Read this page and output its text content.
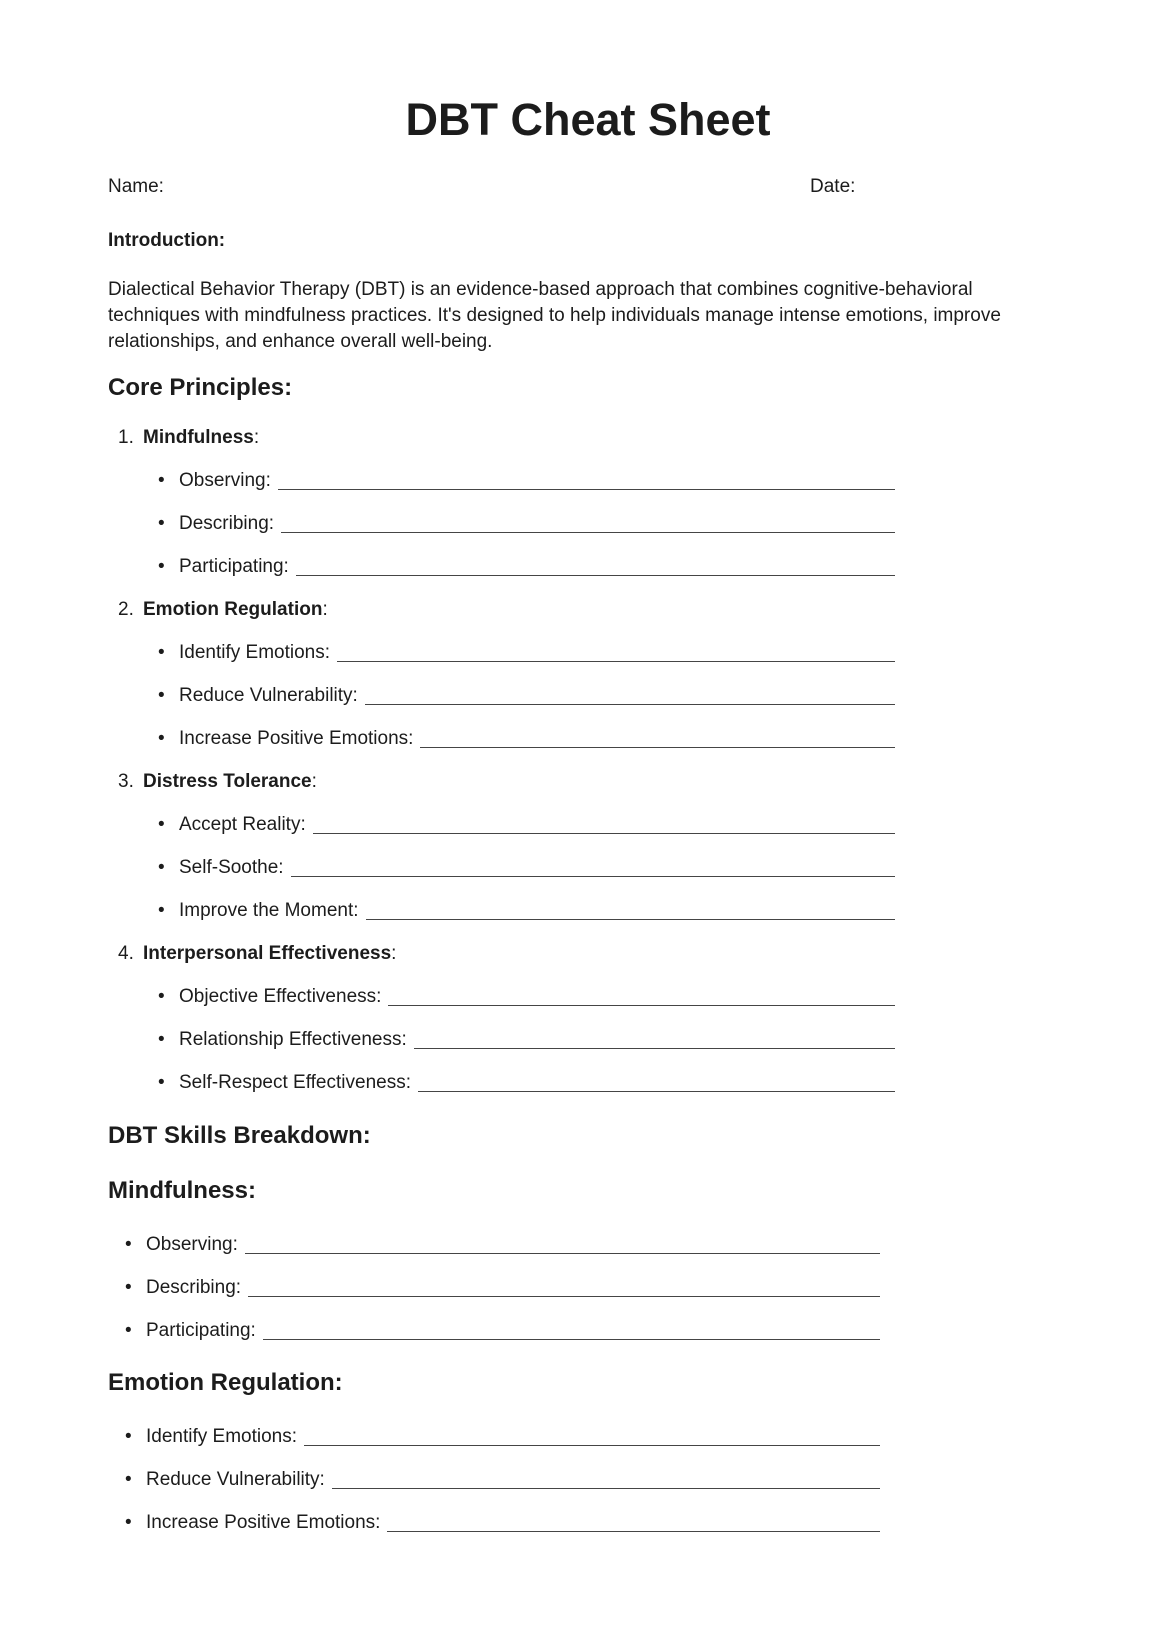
DBT Cheat Sheet
Name:	Date:
Introduction:

Dialectical Behavior Therapy (DBT) is an evidence-based approach that combines cognitive-behavioral techniques with mindfulness practices. It's designed to help individuals manage intense emotions, improve relationships, and enhance overall well-being.

Core Principles:
1. Mindfulness:
• Observing:
• Describing:
• Participating:
2. Emotion Regulation:
• Identify Emotions:
• Reduce Vulnerability:
• Increase Positive Emotions:
3. Distress Tolerance:
• Accept Reality:
• Self-Soothe:
• Improve the Moment:
4. Interpersonal Effectiveness:
• Objective Effectiveness:
• Relationship Effectiveness:
• Self-Respect Effectiveness:
DBT Skills Breakdown:
Mindfulness:
• Observing:
• Describing:
• Participating:
Emotion Regulation:
• Identify Emotions:
• Reduce Vulnerability:
• Increase Positive Emotions:
